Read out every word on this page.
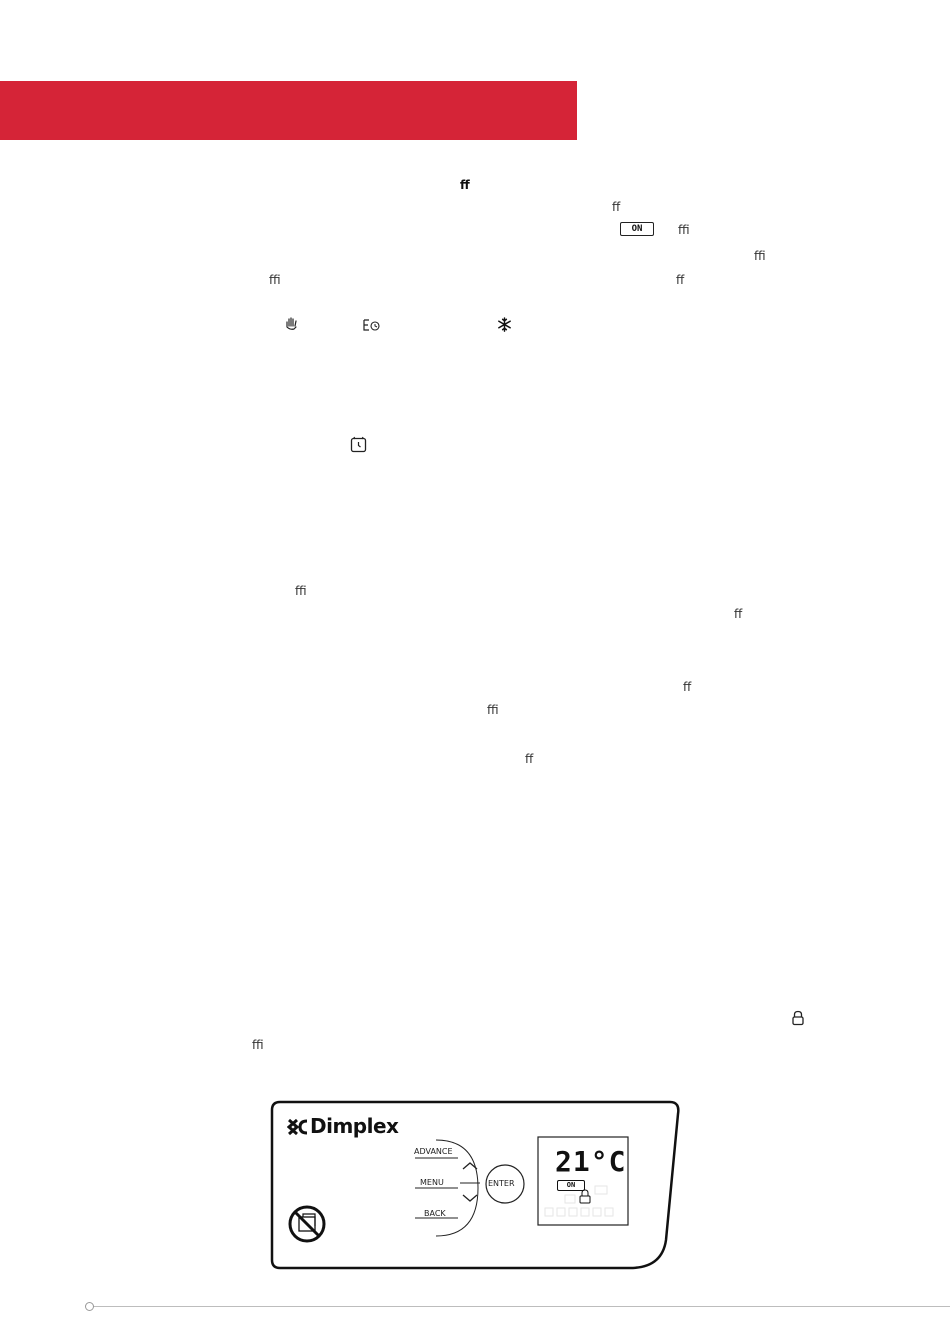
ff
ff
ON	ffi
ffi
ffi	ff
ffi
ff
ff
ffi
ff
ffi
Dimplex
ADVANCE
MENU
BACK
ENTER
21°C
ON
